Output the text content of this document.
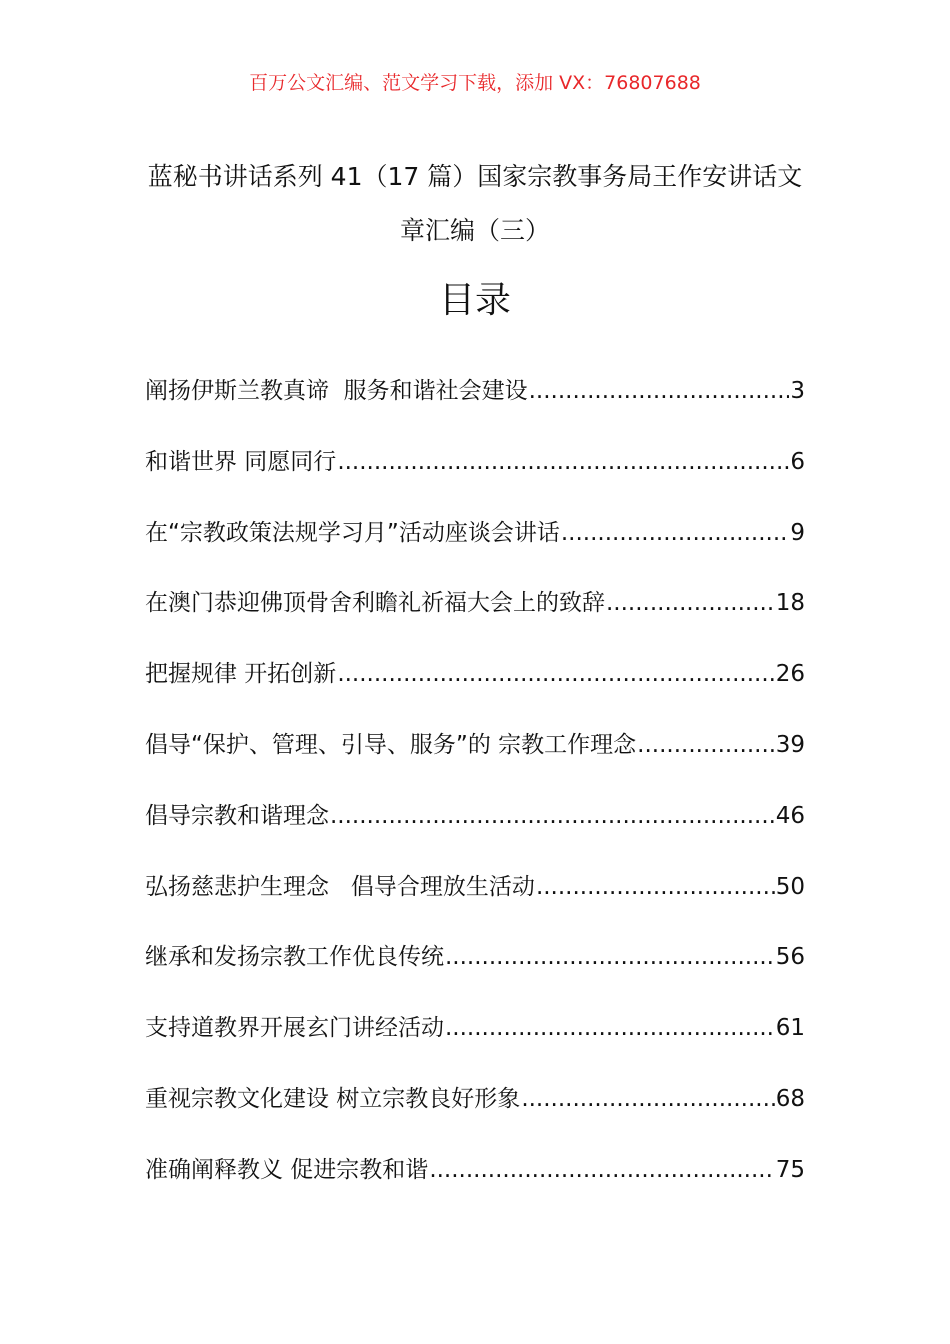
百万公文汇编、范文学习下载，添加 VX：76807688
蓝秘书讲话系列 41（17 篇）国家宗教事务局王作安讲话文章汇编（三）
目录
阐扬伊斯兰教真谛  服务和谐社会建设 .....	3
和谐世界 同愿同行 .....	6
在“宗教政策法规学习月”活动座谈会讲话 .....	9
在澳门恭迎佛顶骨舍利瞻礼祈福大会上的致辞 .....	18
把握规律 开拓创新 .....	26
倡导“保护、管理、引导、服务”的 宗教工作理念 .....	39
倡导宗教和谐理念 .....	46
弘扬慈悲护生理念   倡导合理放生活动 .....	50
继承和发扬宗教工作优良传统 .....	56
支持道教界开展玄门讲经活动 .....	61
重视宗教文化建设 树立宗教良好形象 .....	68
准确阐释教义 促进宗教和谐 .....	75
